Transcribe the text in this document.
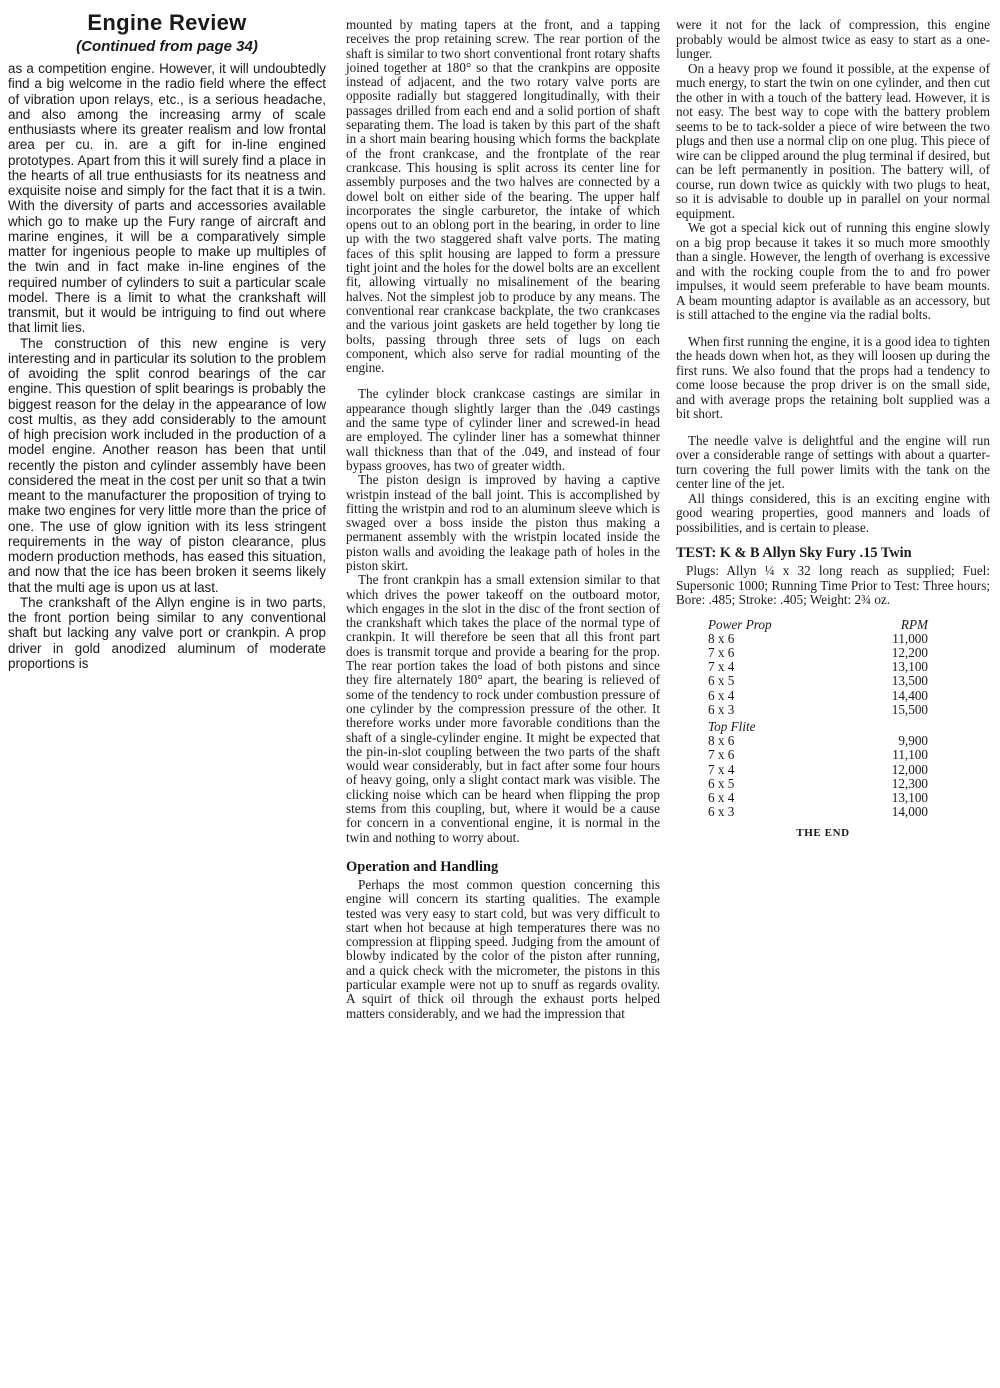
Engine Review
(Continued from page 34)

as a competition engine. However, it will undoubtedly find a big welcome in the radio field where the effect of vibration upon relays, etc., is a serious headache, and also among the increasing army of scale enthusiasts where its greater realism and low frontal area per cu. in. are a gift for in-line engined prototypes. Apart from this it will surely find a place in the hearts of all true enthusiasts for its neatness and exquisite noise and simply for the fact that it is a twin. With the diversity of parts and accessories available which go to make up the Fury range of aircraft and marine engines, it will be a comparatively simple matter for ingenious people to make up multiples of the twin and in fact make in-line engines of the required number of cylinders to suit a particular scale model. There is a limit to what the crankshaft will transmit, but it would be intriguing to find out where that limit lies.

The construction of this new engine is very interesting and in particular its solution to the problem of avoiding the split conrod bearings of the car engine. This question of split bearings is probably the biggest reason for the delay in the appearance of low cost multis, as they add considerably to the amount of high precision work included in the production of a model engine. Another reason has been that until recently the piston and cylinder assembly have been considered the meat in the cost per unit so that a twin meant to the manufacturer the proposition of trying to make two engines for very little more than the price of one. The use of glow ignition with its less stringent requirements in the way of piston clearance, plus modern production methods, has eased this situation, and now that the ice has been broken it seems likely that the multi age is upon us at last.

The crankshaft of the Allyn engine is in two parts, the front portion being similar to any conventional shaft but lacking any valve port or crankpin. A prop driver in gold anodized aluminum of moderate proportions is

mounted by mating tapers at the front, and a tapping receives the prop retaining screw. The rear portion of the shaft is similar to two short conventional front rotary shafts joined together at 180° so that the crankpins are opposite instead of adjacent, and the two rotary valve ports are opposite radially but staggered longitudinally, with their passages drilled from each end and a solid portion of shaft separating them. The load is taken by this part of the shaft in a short main bearing housing which forms the backplate of the front crankcase, and the frontplate of the rear crankcase. This housing is split across its center line for assembly purposes and the two halves are connected by a dowel bolt on either side of the bearing. The upper half incorporates the single carburetor, the intake of which opens out to an oblong port in the bearing, in order to line up with the two staggered shaft valve ports. The mating faces of this split housing are lapped to form a pressure tight joint and the holes for the dowel bolts are an excellent fit, allowing virtually no misalinement of the bearing halves. Not the simplest job to produce by any means. The conventional rear crankcase backplate, the two crankcases and the various joint gaskets are held together by long tie bolts, passing through three sets of lugs on each component, which also serve for radial mounting of the engine.

The cylinder block crankcase castings are similar in appearance though slightly larger than the .049 castings and the same type of cylinder liner and screwed-in head are employed. The cylinder liner has a somewhat thinner wall thickness than that of the .049, and instead of four bypass grooves, has two of greater width.

The piston design is improved by having a captive wristpin instead of the ball joint. This is accomplished by fitting the wristpin and rod to an aluminum sleeve which is swaged over a boss inside the piston thus making a permanent assembly with the wristpin located inside the piston walls and avoiding the leakage path of holes in the piston skirt.

The front crankpin has a small extension similar to that which drives the power takeoff on the outboard motor, which engages in the slot in the disc of the front section of the crankshaft which takes the place of the normal type of crankpin. It will therefore be seen that all this front part does is transmit torque and provide a bearing for the prop. The rear portion takes the load of both pistons and since they fire alternately 180° apart, the bearing is relieved of some of the tendency to rock under combustion pressure of one cylinder by the compression pressure of the other. It therefore works under more favorable conditions than the shaft of a single-cylinder engine. It might be expected that the pin-in-slot coupling between the two parts of the shaft would wear considerably, but in fact after some four hours of heavy going, only a slight contact mark was visible. The clicking noise which can be heard when flipping the prop stems from this coupling, but, where it would be a cause for concern in a conventional engine, it is normal in the twin and nothing to worry about.

Operation and Handling

Perhaps the most common question concerning this engine will concern its starting qualities. The example tested was very easy to start cold, but was very difficult to start when hot because at high temperatures there was no compression at flipping speed. Judging from the amount of blowby indicated by the color of the piston after running, and a quick check with the micrometer, the pistons in this particular example were not up to snuff as regards ovality. A squirt of thick oil through the exhaust ports helped matters considerably, and we had the impression that

were it not for the lack of compression, this engine probably would be almost twice as easy to start as a one-lunger.

On a heavy prop we found it possible, at the expense of much energy, to start the twin on one cylinder, and then cut the other in with a touch of the battery lead. However, it is not easy. The best way to cope with the battery problem seems to be to tack-solder a piece of wire between the two plugs and then use a normal clip on one plug. This piece of wire can be clipped around the plug terminal if desired, but can be left permanently in position. The battery will, of course, run down twice as quickly with two plugs to heat, so it is advisable to double up in parallel on your normal equipment.

We got a special kick out of running this engine slowly on a big prop because it takes it so much more smoothly than a single. However, the length of overhang is excessive and with the rocking couple from the to and fro power impulses, it would seem preferable to have beam mounts. A beam mounting adaptor is available as an accessory, but is still attached to the engine via the radial bolts.

When first running the engine, it is a good idea to tighten the heads down when hot, as they will loosen up during the first runs. We also found that the props had a tendency to come loose because the prop driver is on the small side, and with average props the retaining bolt supplied was a bit short.

The needle valve is delightful and the engine will run over a considerable range of settings with about a quarter-turn covering the full power limits with the tank on the center line of the jet.

All things considered, this is an exciting engine with good wearing properties, good manners and loads of possibilities, and is certain to please.

TEST: K & B Allyn Sky Fury .15 Twin

Plugs: Allyn ¼ x 32 long reach as supplied; Fuel: Supersonic 1000; Running Time Prior to Test: Three hours; Bore: .485; Stroke: .405; Weight: 2¾ oz.

Power Prop	RPM
8 x 6	11,000
7 x 6	12,200
7 x 4	13,100
6 x 5	13,500
6 x 4	14,400
6 x 3	15,500
Top Flite	
8 x 6	9,900
7 x 6	11,100
7 x 4	12,000
6 x 5	12,300
6 x 4	13,100
6 x 3	14,000
THE END
